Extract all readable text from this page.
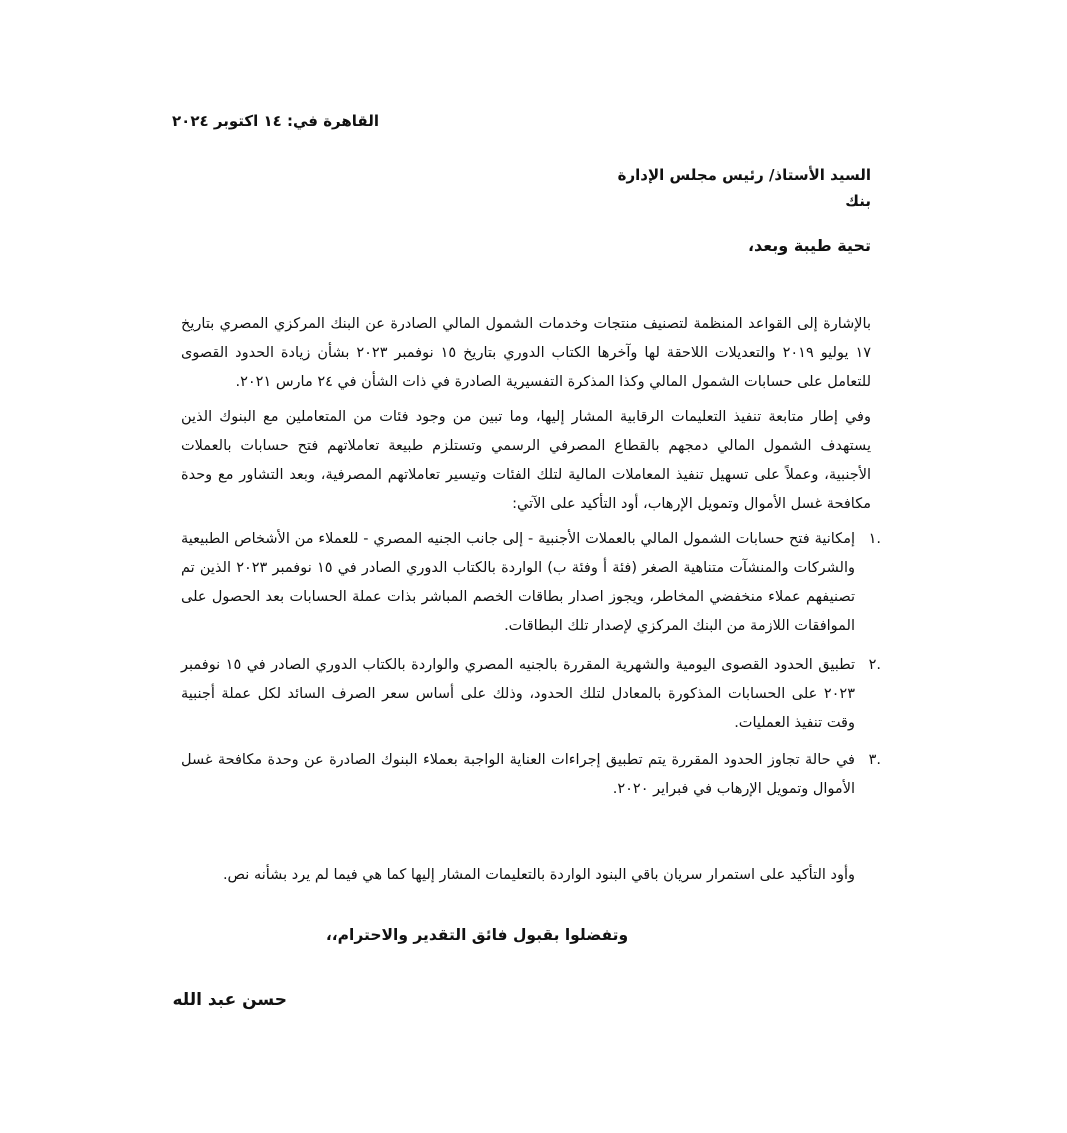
القاهرة في: ١٤ اكتوبر ٢٠٢٤
السيد الأستاذ/ رئيس مجلس الإدارة
بنك
تحية طيبة وبعد،
بالإشارة إلى القواعد المنظمة لتصنيف منتجات وخدمات الشمول المالي الصادرة عن البنك المركزي المصري بتاريخ ١٧ يوليو ٢٠١٩ والتعديلات اللاحقة لها وآخرها الكتاب الدوري بتاريخ ١٥ نوفمبر ٢٠٢٣ بشأن زيادة الحدود القصوى للتعامل على حسابات الشمول المالي وكذا المذكرة التفسيرية الصادرة في ذات الشأن في ٢٤ مارس ٢٠٢١.
وفي إطار متابعة تنفيذ التعليمات الرقابية المشار إليها، وما تبين من وجود فئات من المتعاملين مع البنوك الذين يستهدف الشمول المالي دمجهم بالقطاع المصرفي الرسمي وتستلزم طبيعة تعاملاتهم فتح حسابات بالعملات الأجنبية، وعملاً على تسهيل تنفيذ المعاملات المالية لتلك الفئات وتيسير تعاملاتهم المصرفية، وبعد التشاور مع وحدة مكافحة غسل الأموال وتمويل الإرهاب، أود التأكيد على الآتي:
.١
إمكانية فتح حسابات الشمول المالي بالعملات الأجنبية - إلى جانب الجنيه المصري - للعملاء من الأشخاص الطبيعية والشركات والمنشآت متناهية الصغر (فئة أ وفئة ب) الواردة بالكتاب الدوري الصادر في ١٥ نوفمبر ٢٠٢٣ الذين تم تصنيفهم عملاء منخفضي المخاطر، ويجوز اصدار بطاقات الخصم المباشر بذات عملة الحسابات بعد الحصول على الموافقات اللازمة من البنك المركزي لإصدار تلك البطاقات.
.٢
تطبيق الحدود القصوى اليومية والشهرية المقررة بالجنيه المصري والواردة بالكتاب الدوري الصادر في ١٥ نوفمبر ٢٠٢٣ على الحسابات المذكورة بالمعادل لتلك الحدود، وذلك على أساس سعر الصرف السائد لكل عملة أجنبية وقت تنفيذ العمليات.
.٣
في حالة تجاوز الحدود المقررة يتم تطبيق إجراءات العناية الواجبة بعملاء البنوك الصادرة عن وحدة مكافحة غسل الأموال وتمويل الإرهاب في فبراير ٢٠٢٠.
وأود التأكيد على استمرار سريان باقي البنود الواردة بالتعليمات المشار إليها كما هي فيما لم يرد بشأنه نص.
وتفضلوا بقبول فائق التقدير والاحترام،،
حسن عبد الله
